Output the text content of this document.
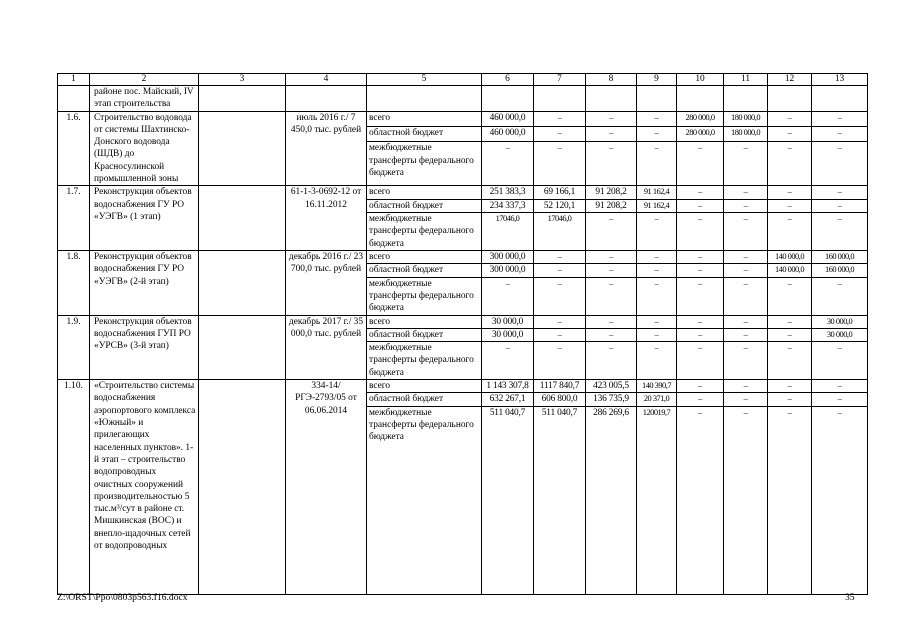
1	2	3	4	5	6	7	8	9	10	11	12	13
	районе пос. Майский, IV этап строительства											
1.6.	Строительство водовода от системы Шахтинско-Донского водовода (ШДВ) до Красносулинской промышленной зоны		июль 2016 г./ 7 450,0 тыс. рублей	всего	460 000,0	–	–	–	280 000,0	180 000,0	–	–
				областной бюджет	460 000,0	–	–	–	280 000,0	180 000,0	–	–
				межбюджетные трансферты федерального бюджета	–	–	–	–	–	–	–	–
1.7.	Реконструкция объектов водоснабжения ГУ РО «УЭГВ» (1 этап)		61-1-3-0692-12 от 16.11.2012	всего	251 383,3	69 166,1	91 208,2	91 162,4	–	–	–	–
				областной бюджет	234 337,3	52 120,1	91 208,2	91 162,4	–	–	–	–
				межбюджетные трансферты федерального бюджета	17046,0	17046,0	–	–	–	–	–	–
1.8.	Реконструкция объектов водоснабжения ГУ РО «УЭГВ» (2-й этап)		декабрь 2016 г./ 23 700,0 тыс. рублей	всего	300 000,0	–	–	–	–	–	140 000,0	160 000,0
				областной бюджет	300 000,0	–	–	–	–	–	140 000,0	160 000,0
				межбюджетные трансферты федерального бюджета	–	–	–	–	–	–	–	–
1.9.	Реконструкция объектов водоснабжения ГУП РО «УРСВ» (3-й этап)		декабрь 2017 г./ 35 000,0 тыс. рублей	всего	30 000,0	–	–	–	–	–	–	30 000,0
				областной бюджет	30 000,0	–	–	–	–	–	–	30 000,0
				межбюджетные трансферты федерального бюджета	–	–	–	–	–	–	–	–
1.10.	«Строительство системы водоснабжения аэропортового комплекса «Южный» и прилегающих населенных пунктов». 1-й этап – строительство водопроводных очистных сооружений производительностью 5 тыс.м³/сут в районе ст. Мишкинская (ВОС) и внепло-щадочных сетей от водопроводных		334-14/РГЭ-2793/05 от 06.06.2014	всего	1 143 307,8	1117 840,7	423 005,5	140 390,7	–	–	–	–
				областной бюджет	632 267,1	606 800,0	136 735,9	20 371,0	–	–	–	–
				межбюджетные трансферты федерального бюджета	511 040,7	511 040,7	286 269,6	120019,7	–	–	–	–
Z:\ORST\Ppo\0803p563.f16.docx	35
